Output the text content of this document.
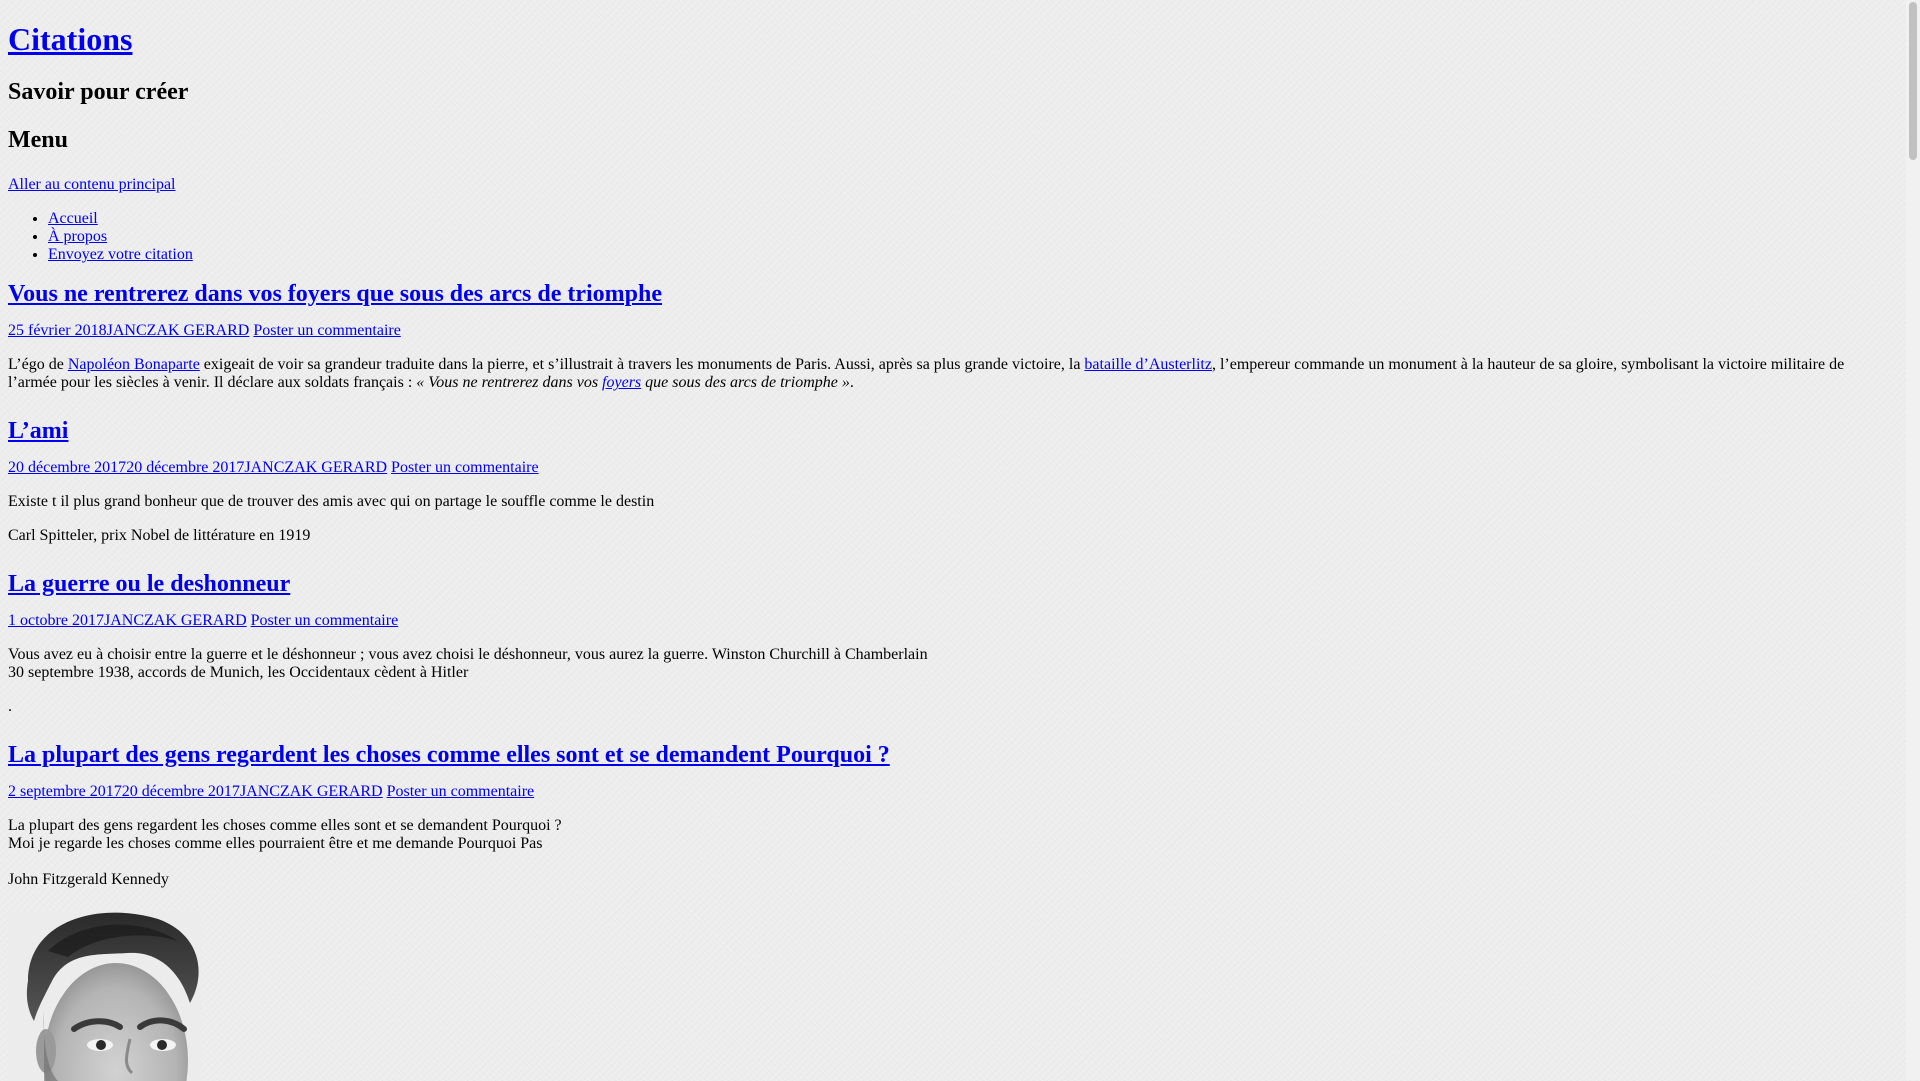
Citations

Savoir pour créer

Menu

Aller au contenu principal
• Accueil
• À propos
• Envoyez votre citation
Vous ne rentrerez dans vos foyers que sous des arcs de triomphe
25 février 2018JANCZAK GERARD Poster un commentaire

L’égo de Napoléon Bonaparte exigeait de voir sa grandeur traduite dans la pierre, et s’illustrait à travers les monuments de Paris. Aussi, après sa plus grande victoire, la bataille d’Austerlitz, l’empereur commande un monument à la hauteur de sa gloire, symbolisant la victoire militaire de l’armée pour les siècles à venir. Il déclare aux soldats français : « Vous ne rentrerez dans vos foyers que sous des arcs de triomphe ».

L’ami
20 décembre 201720 décembre 2017JANCZAK GERARD Poster un commentaire

Existe t il plus grand bonheur que de trouver des amis avec qui on partage le souffle comme le destin

Carl Spitteler, prix Nobel de littérature en 1919

La guerre ou le deshonneur
1 octobre 2017JANCZAK GERARD Poster un commentaire

Vous avez eu à choisir entre la guerre et le déshonneur ; vous avez choisi le déshonneur, vous aurez la guerre. Winston Churchill à Chamberlain
30 septembre 1938, accords de Munich, les Occidentaux cèdent à Hitler

.

La plupart des gens regardent les choses comme elles sont et se demandent Pourquoi ?
2 septembre 201720 décembre 2017JANCZAK GERARD Poster un commentaire

La plupart des gens regardent les choses comme elles sont et se demandent Pourquoi ?
Moi je regarde les choses comme elles pourraient être et me demande Pourquoi Pas

John Fitzgerald Kennedy
